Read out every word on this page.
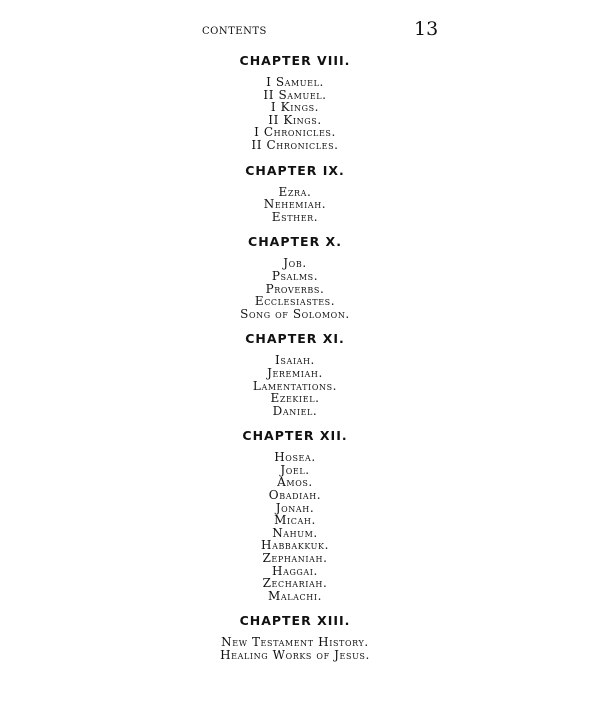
contents	13
CHAPTER VIII.
I Samuel.
II Samuel.
I Kings.
II Kings.
I Chronicles.
II Chronicles.
CHAPTER IX.
Ezra.
Nehemiah.
Esther.
CHAPTER X.
Job.
Psalms.
Proverbs.
Ecclesiastes.
Song of Solomon.
CHAPTER XI.
Isaiah.
Jeremiah.
Lamentations.
Ezekiel.
Daniel.
CHAPTER XII.
Hosea.
Joel.
Amos.
Obadiah.
Jonah.
Micah.
Nahum.
Habbakkuk.
Zephaniah.
Haggai.
Zechariah.
Malachi.
CHAPTER XIII.
New Testament History.
Healing Works of Jesus.
